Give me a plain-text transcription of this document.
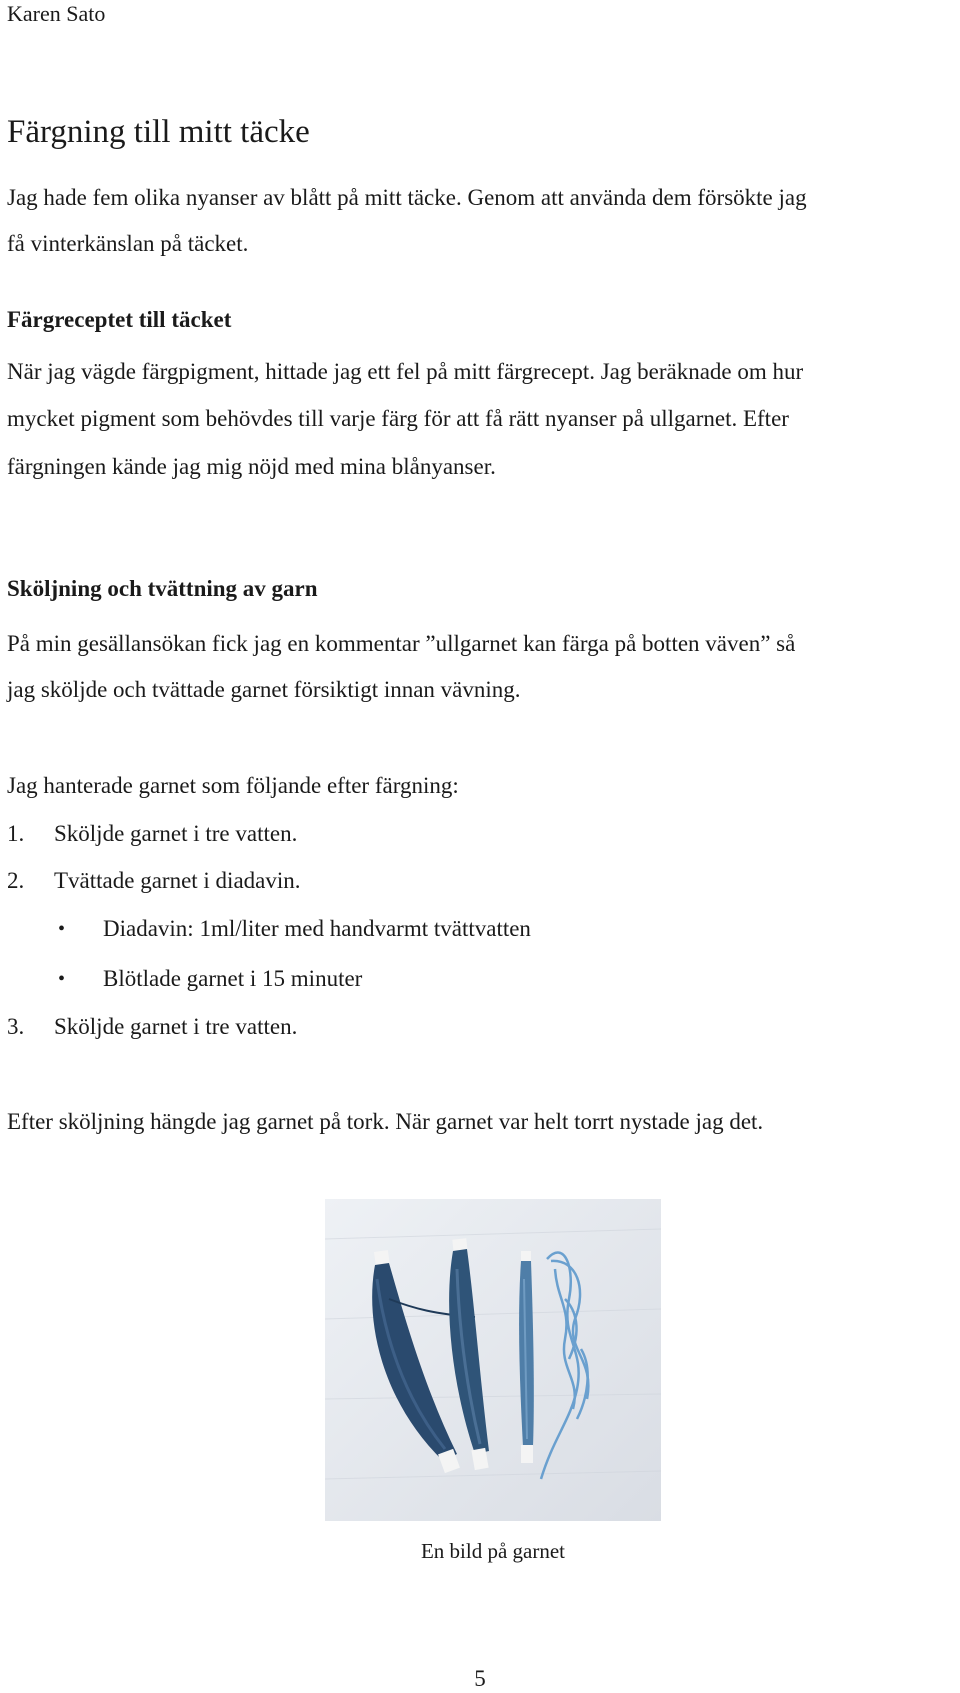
Karen Sato
Färgning till mitt täcke
Jag hade fem olika nyanser av blått på mitt täcke. Genom att använda dem försökte jag
få vinterkänslan på täcket.
Färgreceptet till täcket
När jag vägde färgpigment, hittade jag ett fel på mitt färgrecept. Jag beräknade om hur
mycket pigment som behövdes till varje färg för att få rätt nyanser på ullgarnet. Efter
färgningen kände jag mig nöjd med mina blånyanser.
Sköljning och tvättning av garn
På min gesällansökan fick jag en kommentar ”ullgarnet kan färga på botten väven” så
jag sköljde och tvättade garnet försiktigt innan vävning.
Jag hanterade garnet som följande efter färgning:
1. Sköljde garnet i tre vatten.
2. Tvättade garnet i diadavin.
• Diadavin: 1ml/liter med handvarmt tvättvatten
• Blötlade garnet i 15 minuter
3. Sköljde garnet i tre vatten.
Efter sköljning hängde jag garnet på tork. När garnet var helt torrt nystade jag det.
En bild på garnet
5
